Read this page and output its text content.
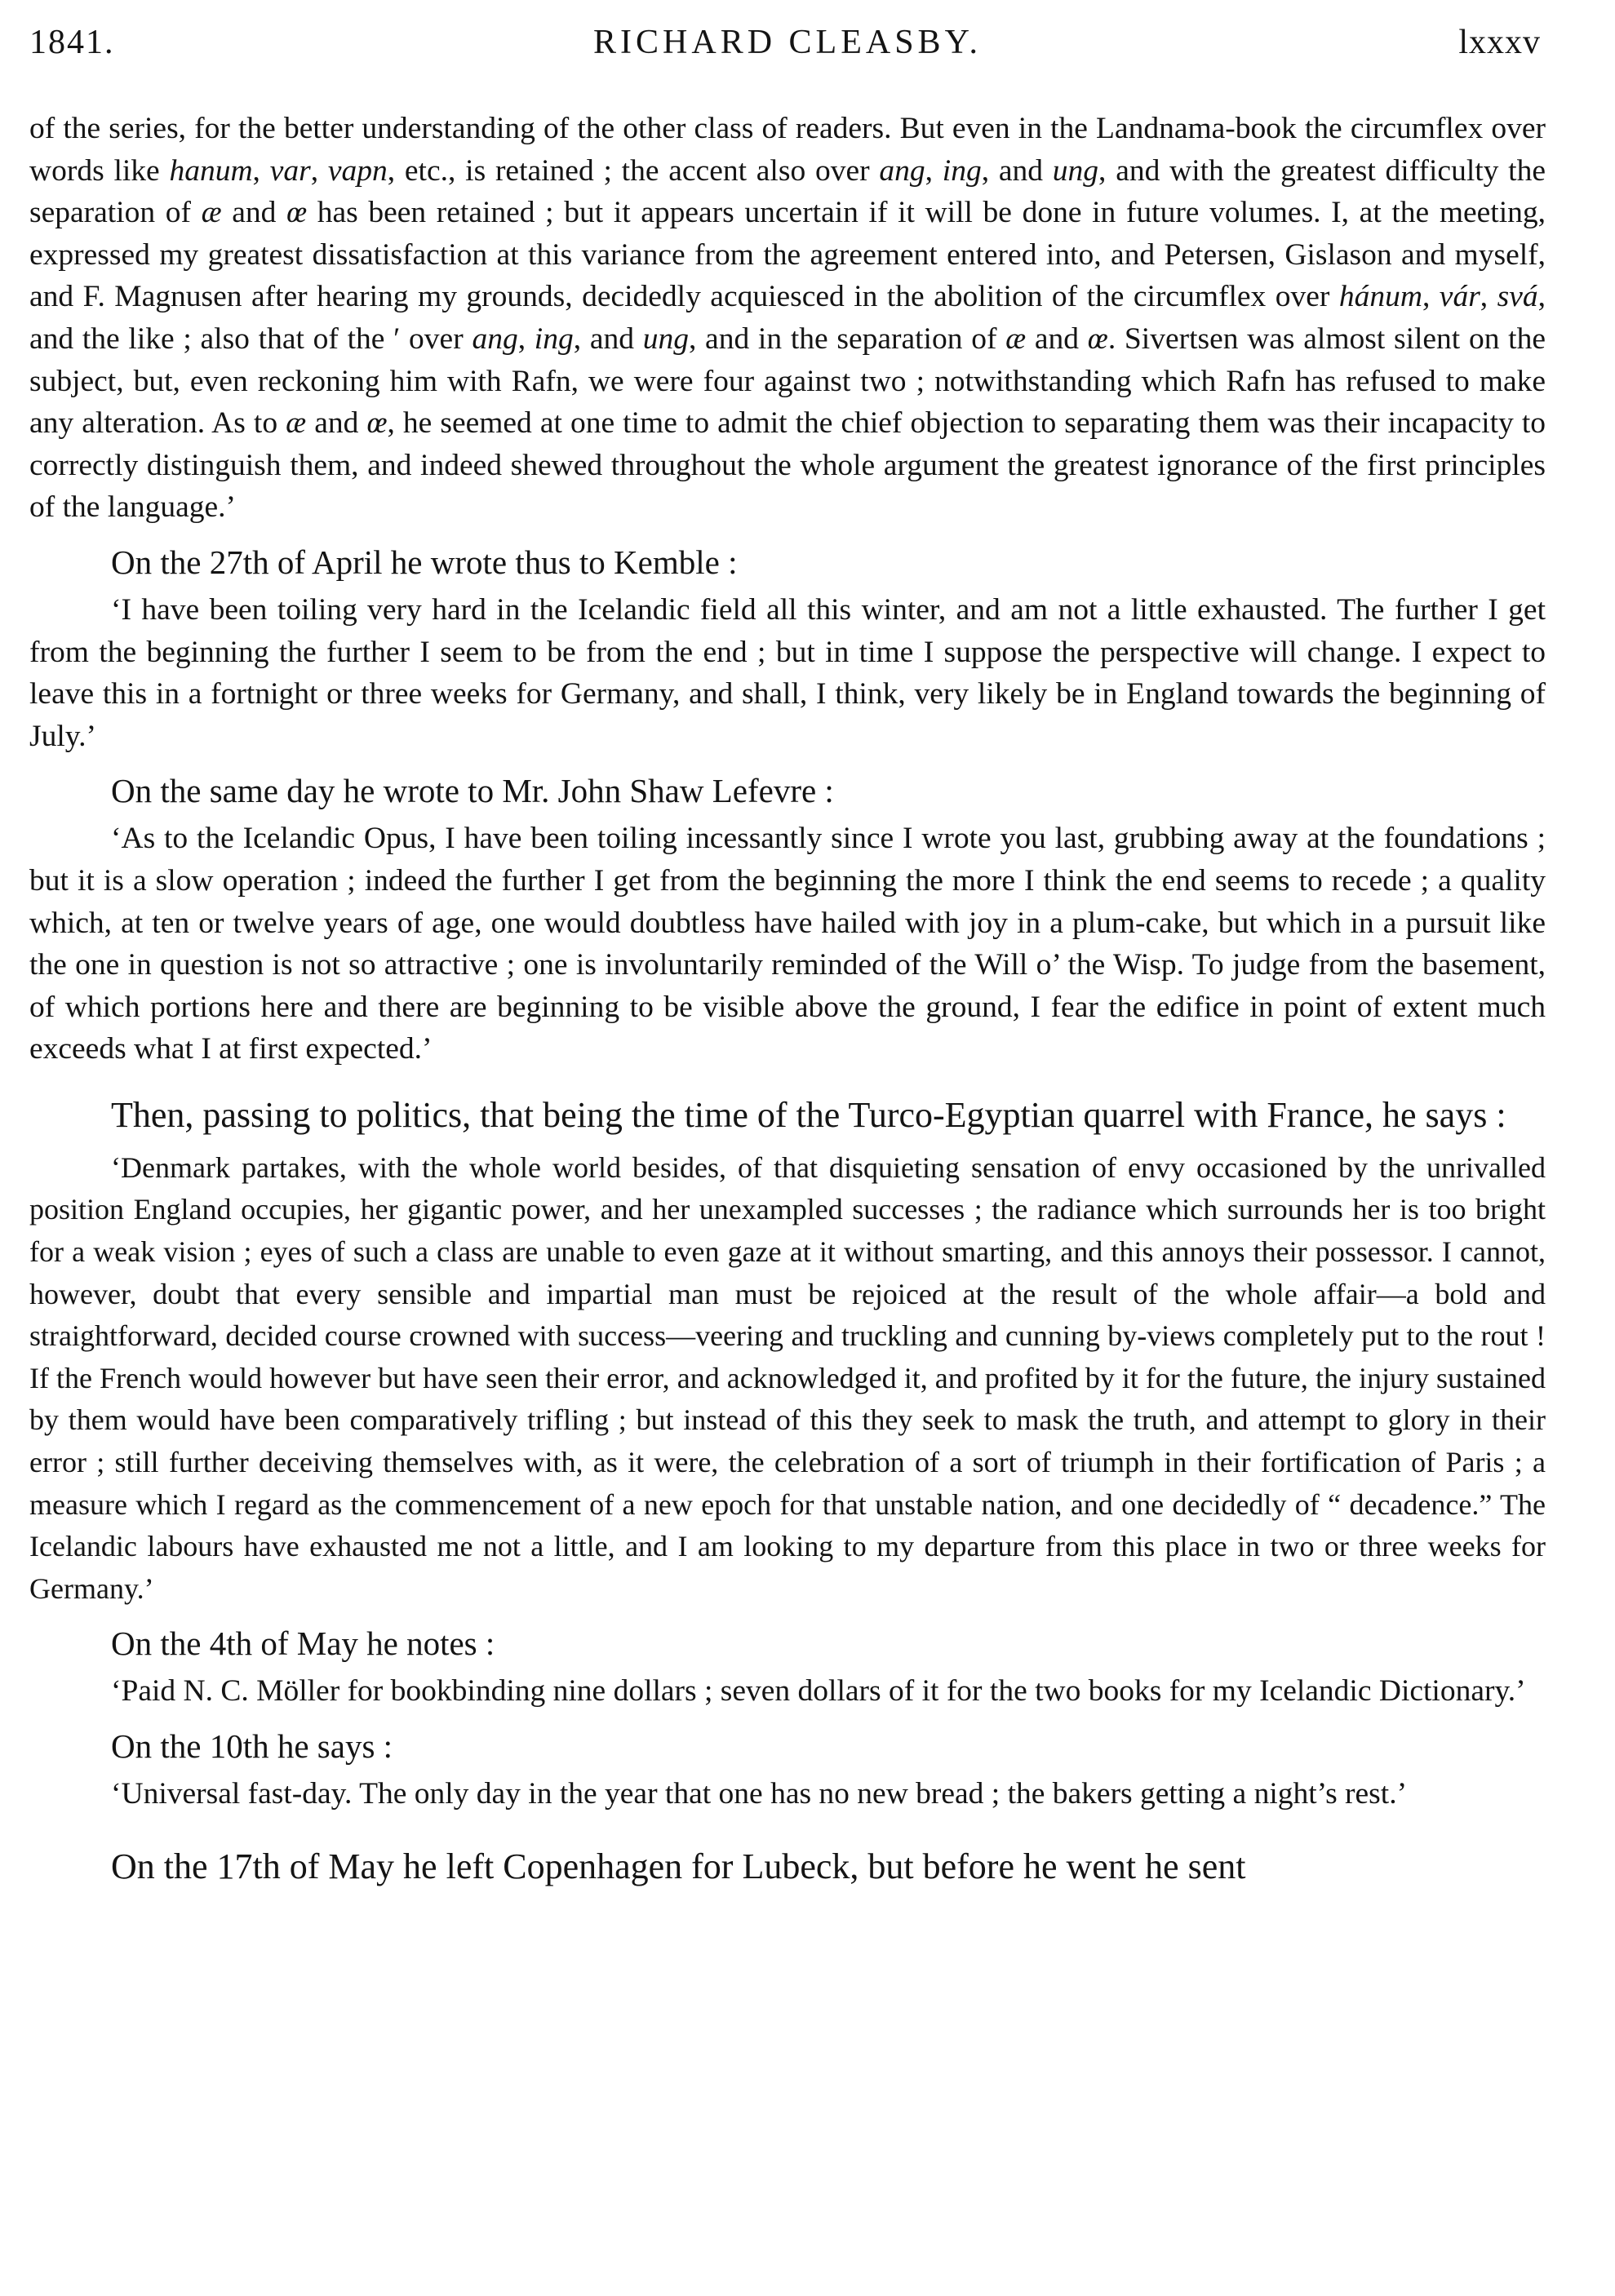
1841.	RICHARD CLEASBY.	lxxxv

of the series, for the better understanding of the other class of readers. But even in the Landnama-book the circumflex over words like hanum, var, vapn, etc., is retained ; the accent also over ang, ing, and ung, and with the greatest difficulty the separation of æ and œ has been retained ; but it appears uncertain if it will be done in future volumes. I, at the meeting, expressed my greatest dissatisfaction at this variance from the agreement entered into, and Petersen, Gislason and myself, and F. Magnusen after hearing my grounds, decidedly acquiesced in the abolition of the circumflex over hánum, vár, svá, and the like ; also that of the ′ over ang, ing, and ung, and in the separation of æ and œ. Sivertsen was almost silent on the subject, but, even reckoning him with Rafn, we were four against two ; notwithstanding which Rafn has refused to make any alteration. As to æ and œ, he seemed at one time to admit the chief objection to separating them was their incapacity to correctly distinguish them, and indeed shewed throughout the whole argument the greatest ignorance of the first principles of the language.’

On the 27th of April he wrote thus to Kemble :

‘I have been toiling very hard in the Icelandic field all this winter, and am not a little exhausted. The further I get from the beginning the further I seem to be from the end ; but in time I suppose the perspective will change. I expect to leave this in a fortnight or three weeks for Germany, and shall, I think, very likely be in England towards the beginning of July.’

On the same day he wrote to Mr. John Shaw Lefevre :

‘As to the Icelandic Opus, I have been toiling incessantly since I wrote you last, grubbing away at the foundations ; but it is a slow operation ; indeed the further I get from the beginning the more I think the end seems to recede ; a quality which, at ten or twelve years of age, one would doubtless have hailed with joy in a plum-cake, but which in a pursuit like the one in question is not so attractive ; one is involuntarily reminded of the Will o’ the Wisp. To judge from the basement, of which portions here and there are beginning to be visible above the ground, I fear the edifice in point of extent much exceeds what I at first expected.’

Then, passing to politics, that being the time of the Turco-Egyptian quarrel with France, he says :

‘Denmark partakes, with the whole world besides, of that disquieting sensation of envy occasioned by the unrivalled position England occupies, her gigantic power, and her unexampled successes ; the radiance which surrounds her is too bright for a weak vision ; eyes of such a class are unable to even gaze at it without smarting, and this annoys their possessor. I cannot, however, doubt that every sensible and impartial man must be rejoiced at the result of the whole affair—a bold and straightforward, decided course crowned with success—veering and truckling and cunning by-views completely put to the rout ! If the French would however but have seen their error, and acknowledged it, and profited by it for the future, the injury sustained by them would have been comparatively trifling ; but instead of this they seek to mask the truth, and attempt to glory in their error ; still further deceiving themselves with, as it were, the celebration of a sort of triumph in their fortification of Paris ; a measure which I regard as the commencement of a new epoch for that unstable nation, and one decidedly of “ decadence.” The Icelandic labours have exhausted me not a little, and I am looking to my departure from this place in two or three weeks for Germany.’

On the 4th of May he notes :

‘Paid N. C. Möller for bookbinding nine dollars ; seven dollars of it for the two books for my Icelandic Dictionary.’

On the 10th he says :

‘Universal fast-day. The only day in the year that one has no new bread ; the bakers getting a night’s rest.’

On the 17th of May he left Copenhagen for Lubeck, but before he went he sent
